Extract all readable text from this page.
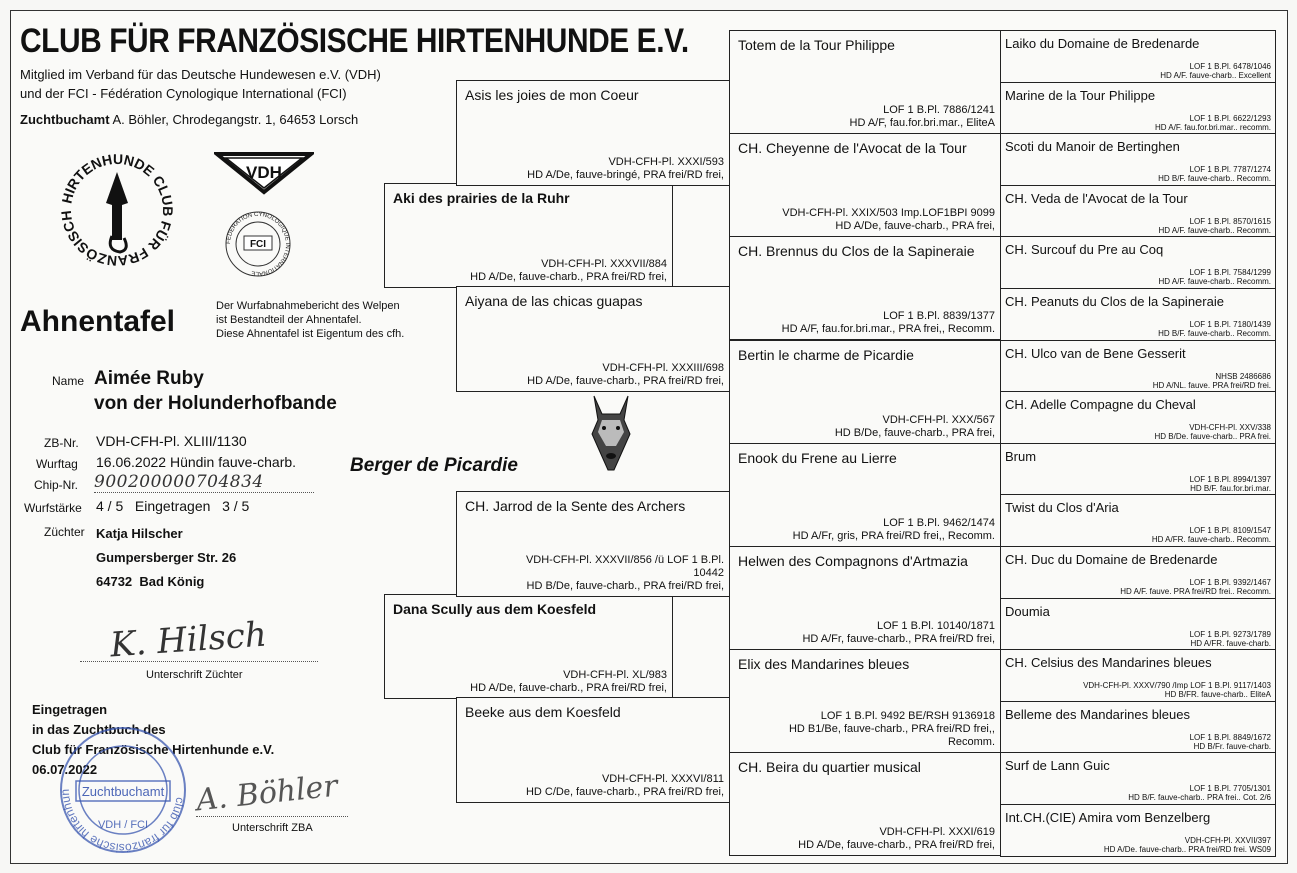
CLUB FÜR FRANZÖSISCHE HIRTENHUNDE E.V.
Mitglied im Verband für das Deutsche Hundewesen e.V. (VDH)
und der FCI - Fédération Cynologique International (FCI)
Zuchtbuchamt A. Böhler, Chrodegangstr. 1, 64653 Lorsch
HIRTENHUNDE CLUB FÜR FRANZÖSISCH
VDH
FEDERATION CYNOLOGIQUE INTERNATIONALE
FCI
Ahnentafel	Der Wurfabnahmebericht des Welpen
ist Bestandteil der Ahnentafel.
Diese Ahnentafel ist Eigentum des cfh.
Name Aimée Ruby
von der Holunderhofbande
ZB-Nr. VDH-CFH-Pl. XLIII/1130
Wurftag 16.06.2022 Hündin fauve-charb.
Chip-Nr. 900200000704834
Wurfstärke 4 / 5   Eingetragen   3 / 5
Züchter Katja Hilscher
Gumpersberger Str. 26
64732  Bad König
Berger de Picardie
K. Hilsch
Unterschrift Züchter
Eingetragen
in das Zuchtbuch des
Club für Französische Hirtenhunde e.V.
06.07.2022
club für französische hirtenhun Zuchtbuchamt
VDH / FCI
A. Böhler
Unterschrift ZBA
Aki des prairies de la Ruhr
VDH-CFH-Pl. XXXVII/884
HD A/De, fauve-charb., PRA frei/RD frei,
Dana Scully aus dem Koesfeld
VDH-CFH-Pl. XL/983
HD A/De, fauve-charb., PRA frei/RD frei,
Asis les joies de mon Coeur
VDH-CFH-Pl. XXXI/593
HD A/De, fauve-bringé, PRA frei/RD frei,
Aiyana de las chicas guapas
VDH-CFH-Pl. XXXIII/698
HD A/De, fauve-charb., PRA frei/RD frei,
CH. Jarrod de la Sente des Archers
VDH-CFH-Pl. XXXVII/856 /ü LOF 1 B.Pl.
10442
HD B/De, fauve-charb., PRA frei/RD frei,
Beeke aus dem Koesfeld
VDH-CFH-Pl. XXXVI/811
HD C/De, fauve-charb., PRA frei/RD frei,
Totem de la Tour Philippe
LOF 1 B.Pl. 7886/1241
HD A/F, fau.for.bri.mar., EliteA
CH. Cheyenne de l'Avocat de la Tour
VDH-CFH-Pl. XXIX/503 Imp.LOF1BPI 9099
HD A/De, fauve-charb., PRA frei,
CH. Brennus du Clos de la Sapineraie
LOF 1 B.Pl. 8839/1377
HD A/F, fau.for.bri.mar., PRA frei,, Recomm.
Bertin le charme de Picardie
VDH-CFH-Pl. XXX/567
HD B/De, fauve-charb., PRA frei,
Enook du Frene au Lierre
LOF 1 B.Pl. 9462/1474
HD A/Fr, gris, PRA frei/RD frei,, Recomm.
Helwen des Compagnons d'Artmazia
LOF 1 B.Pl. 10140/1871
HD A/Fr, fauve-charb., PRA frei/RD frei,
Elix des Mandarines bleues
LOF 1 B.Pl. 9492 BE/RSH 9136918
HD B1/Be, fauve-charb., PRA frei/RD frei,,
Recomm.
CH. Beira du quartier musical
VDH-CFH-Pl. XXXI/619
HD A/De, fauve-charb., PRA frei/RD frei,
Laiko du Domaine de Bredenarde
LOF 1 B.Pl. 6478/1046
HD A/F. fauve-charb.. Excellent
Marine de la Tour Philippe
LOF 1 B.Pl. 6622/1293
HD A/F. fau.for.bri.mar.. recomm.
Scoti du Manoir de Bertinghen
LOF 1 B.Pl. 7787/1274
HD B/F. fauve-charb.. Recomm.
CH. Veda de l'Avocat de la Tour
LOF 1 B.Pl. 8570/1615
HD A/F. fauve-charb.. Recomm.
CH. Surcouf du Pre au Coq
LOF 1 B.Pl. 7584/1299
HD A/F. fauve-charb.. Recomm.
CH. Peanuts du Clos de la Sapineraie
LOF 1 B.Pl. 7180/1439
HD B/F. fauve-charb.. Recomm.
CH. Ulco van de Bene Gesserit
NHSB 2486686
HD A/NL. fauve. PRA frei/RD frei.
CH. Adelle Compagne du Cheval
VDH-CFH-Pl. XXV/338
HD B/De. fauve-charb.. PRA frei.
Brum
LOF 1 B.Pl. 8994/1397
HD B/F. fau.for.bri.mar.
Twist du Clos d'Aria
LOF 1 B.Pl. 8109/1547
HD A/FR. fauve-charb.. Recomm.
CH. Duc du Domaine de Bredenarde
LOF 1 B.Pl. 9392/1467
HD A/F. fauve. PRA frei/RD frei.. Recomm.
Doumia
LOF 1 B.Pl. 9273/1789
HD A/FR. fauve-charb.
CH. Celsius des Mandarines bleues
VDH-CFH-Pl. XXXV/790 /Imp LOF 1 B.Pl. 9117/1403
HD B/FR. fauve-charb.. EliteA
Belleme des Mandarines bleues
LOF 1 B.Pl. 8849/1672
HD B/Fr. fauve-charb.
Surf de Lann Guic
LOF 1 B.Pl. 7705/1301
HD B/F. fauve-charb.. PRA frei.. Cot. 2/6
Int.CH.(CIE) Amira vom Benzelberg
VDH-CFH-Pl. XXVII/397
HD A/De. fauve-charb.. PRA frei/RD frei. WS09
